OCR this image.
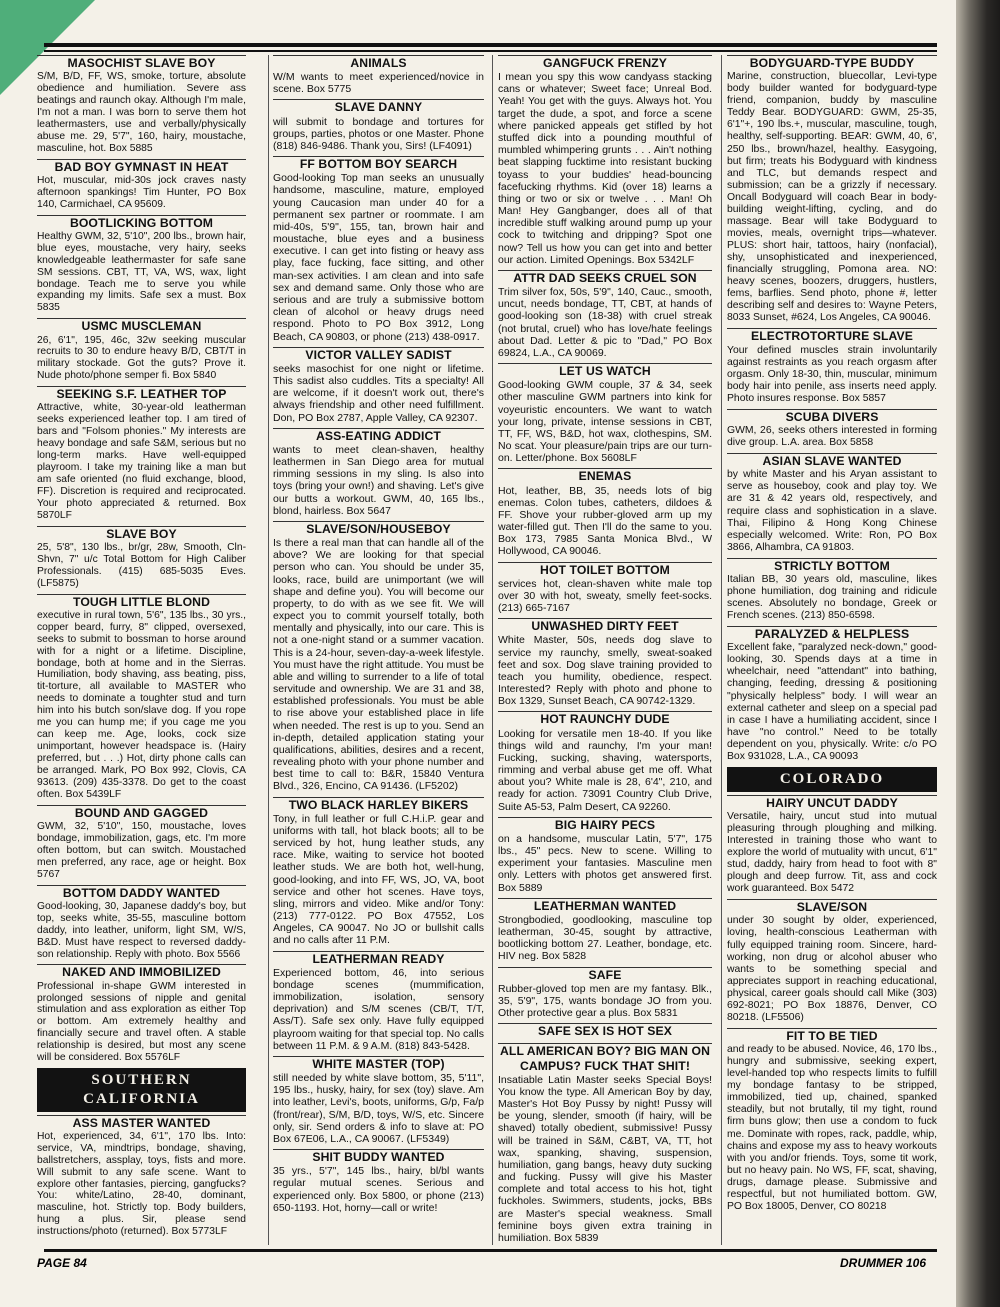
MASOCHIST SLAVE BOY

S/M, B/D, FF, WS, smoke, torture, absolute obedience and humiliation. Severe ass beatings and raunch okay. Although I'm male, I'm not a man. I was born to serve them hot leathermasters, use and verbally/physically abuse me. 29, 5'7", 160, hairy, moustache, masculine, hot. Box 5885

BAD BOY GYMNAST IN HEAT

Hot, muscular, mid-30s jock craves nasty afternoon spankings! Tim Hunter, PO Box 140, Carmichael, CA 95609.

BOOTLICKING BOTTOM

Healthy GWM, 32, 5'10", 200 lbs., brown hair, blue eyes, moustache, very hairy, seeks knowledgeable leathermaster for safe sane SM sessions. CBT, TT, VA, WS, wax, light bondage. Teach me to serve you while expanding my limits. Safe sex a must. Box 5835

USMC MUSCLEMAN

26, 6'1", 195, 46c, 32w seeking muscular recruits to 30 to endure heavy B/D, CBT/T in military stockade. Got the guts? Prove it. Nude photo/phone semper fi. Box 5840

SEEKING S.F. LEATHER TOP

Attractive, white, 30-year-old leatherman seeks experienced leather top. I am tired of bars and "Folsom phonies." My interests are heavy bondage and safe S&M, serious but no long-term marks. Have well-equipped playroom. I take my training like a man but am safe oriented (no fluid exchange, blood, FF). Discretion is required and reciprocated. Your photo appreciated & returned. Box 5870LF

SLAVE BOY

25, 5'8", 130 lbs., br/gr, 28w, Smooth, Cln-Shvn, 7" u/c Total Bottom for High Caliber Professionals. (415) 685-5035 Eves. (LF5875)

TOUGH LITTLE BLOND

executive in rural town, 5'6", 135 lbs., 30 yrs., copper beard, furry, 8" clipped, oversexed, seeks to submit to bossman to horse around with for a night or a lifetime. Discipline, bondage, both at home and in the Sierras. Humiliation, body shaving, ass beating, piss, tit-torture, all available to MASTER who needs to dominate a toughter stud and turn him into his butch son/slave dog. If you rope me you can hump me; if you cage me you can keep me. Age, looks, cock size unimportant, however headspace is. (Hairy preferred, but . . .) Hot, dirty phone calls can be arranged. Mark, PO Box 992, Clovis, CA 93613. (209) 435-3378. Do get to the coast often. Box 5439LF

BOUND AND GAGGED

GWM, 32, 5'10", 150, moustache, loves bondage, immobilization, gags, etc. I'm more often bottom, but can switch. Moustached men preferred, any race, age or height. Box 5767

BOTTOM DADDY WANTED

Good-looking, 30, Japanese daddy's boy, but top, seeks white, 35-55, masculine bottom daddy, into leather, uniform, light SM, W/S, B&D. Must have respect to reversed daddy-son relationship. Reply with photo. Box 5566

NAKED AND IMMOBILIZED

Professional in-shape GWM interested in prolonged sessions of nipple and genital stimulation and ass exploration as either Top or bottom. Am extremely healthy and financially secure and travel often. A stable relationship is desired, but most any scene will be considered. Box 5576LF

SOUTHERN CALIFORNIA
ASS MASTER WANTED

Hot, experienced, 34, 6'1", 170 lbs. Into: service, VA, mindtrips, bondage, shaving, ballstretchers, assplay, toys, fists and more. Will submit to any safe scene. Want to explore other fantasies, piercing, gangfucks? You: white/Latino, 28-40, dominant, masculine, hot. Strictly top. Body builders, hung a plus. Sir, please send instructions/photo (returned). Box 5773LF

ANIMALS

W/M wants to meet experienced/novice in scene. Box 5775

SLAVE DANNY

will submit to bondage and tortures for groups, parties, photos or one Master. Phone (818) 846-9486. Thank you, Sirs! (LF4091)

FF BOTTOM BOY SEARCH

Good-looking Top man seeks an unusually handsome, masculine, mature, employed young Caucasion man under 40 for a permanent sex partner or roommate. I am mid-40s, 5'9", 155, tan, brown hair and moustache, blue eyes and a business executive. I can get into fisting or heavy ass play, face fucking, face sitting, and other man-sex activities. I am clean and into safe sex and demand same. Only those who are serious and are truly a submissive bottom clean of alcohol or heavy drugs need respond. Photo to PO Box 3912, Long Beach, CA 90803, or phone (213) 438-0917.

VICTOR VALLEY SADIST

seeks masochist for one night or lifetime. This sadist also cuddles. Tits a specialty! All are welcome, if it doesn't work out, there's always friendship and other need fulfillment. Don, PO Box 2787, Apple Valley, CA 92307.

ASS-EATING ADDICT

wants to meet clean-shaven, healthy leathermen in San Diego area for mutual rimming sessions in my sling. Is also into toys (bring your own!) and shaving. Let's give our butts a workout. GWM, 40, 165 lbs., blond, hairless. Box 5647

SLAVE/SON/HOUSEBOY

Is there a real man that can handle all of the above? We are looking for that special person who can. You should be under 35, looks, race, build are unimportant (we will shape and define you). You will become our property, to do with as we see fit. We will expect you to commit yourself totally, both mentally and physically, into our care. This is not a one-night stand or a summer vacation. This is a 24-hour, seven-day-a-week lifestyle. You must have the right attitude. You must be able and willing to surrender to a life of total servitude and ownership. We are 31 and 38, established professionals. You must be able to rise above your established place in life when needed. The rest is up to you. Send an in-depth, detailed application stating your qualifications, abilities, desires and a recent, revealing photo with your phone number and best time to call to: B&R, 15840 Ventura Blvd., 326, Encino, CA 91436. (LF5202)

TWO BLACK HARLEY BIKERS

Tony, in full leather or full C.H.i.P. gear and uniforms with tall, hot black boots; all to be serviced by hot, hung leather studs, any race. Mike, waiting to service hot booted leather studs. We are both hot, well-hung, good-looking, and into FF, WS, JO, VA, boot service and other hot scenes. Have toys, sling, mirrors and video. Mike and/or Tony: (213) 777-0122. PO Box 47552, Los Angeles, CA 90047. No JO or bullshit calls and no calls after 11 P.M.

LEATHERMAN READY

Experienced bottom, 46, into serious bondage scenes (mummification, immobilization, isolation, sensory deprivation) and S/M scenes (CB/T, T/T, Ass/T). Safe sex only. Have fully equipped playroom waiting for that special top. No calls between 11 P.M. & 9 A.M. (818) 843-5428.

WHITE MASTER (TOP)

still needed by white slave bottom, 35, 5'11", 195 lbs., husky, hairy, for sex (toy) slave. Am into leather, Levi's, boots, uniforms, G/p, Fa/p (front/rear), S/M, B/D, toys, W/S, etc. Sincere only, sir. Send orders & info to slave at: PO Box 67E06, L.A., CA 90067. (LF5349)

SHIT BUDDY WANTED

35 yrs., 5'7", 145 lbs., hairy, bl/bl wants regular mutual scenes. Serious and experienced only. Box 5800, or phone (213) 650-1193. Hot, horny—call or write!

GANGFUCK FRENZY

I mean you spy this wow candyass stacking cans or whatever; Sweet face; Unreal Bod. Yeah! You get with the guys. Always hot. You target the dude, a spot, and force a scene where panicked appeals get stifled by hot stuffed dick into a pounding mouthful of mumbled whimpering grunts . . . Ain't nothing beat slapping fucktime into resistant bucking toyass to your buddies' head-bouncing facefucking rhythms. Kid (over 18) learns a thing or two or six or twelve . . . Man! Oh Man! Hey Gangbanger, does all of that incredible stuff walking around pump up your cock to twitching and dripping? Spot one now? Tell us how you can get into and better our action. Limited Openings. Box 5342LF

ATTR DAD SEEKS CRUEL SON

Trim silver fox, 50s, 5'9", 140, Cauc., smooth, uncut, needs bondage, TT, CBT, at hands of good-looking son (18-38) with cruel streak (not brutal, cruel) who has love/hate feelings about Dad. Letter & pic to "Dad," PO Box 69824, L.A., CA 90069.

LET US WATCH

Good-looking GWM couple, 37 & 34, seek other masculine GWM partners into kink for voyeuristic encounters. We want to watch your long, private, intense sessions in CBT, TT, FF, WS, B&D, hot wax, clothespins, SM. No scat. Your pleasure/pain trips are our turn-on. Letter/phone. Box 5608LF

ENEMAS

Hot, leather, BB, 35, needs lots of big enemas. Colon tubes, catheters, dildoes & FF. Shove your rubber-gloved arm up my water-filled gut. Then I'll do the same to you. Box 173, 7985 Santa Monica Blvd., W Hollywood, CA 90046.

HOT TOILET BOTTOM

services hot, clean-shaven white male top over 30 with hot, sweaty, smelly feet-socks. (213) 665-7167

UNWASHED DIRTY FEET

White Master, 50s, needs dog slave to service my raunchy, smelly, sweat-soaked feet and sox. Dog slave training provided to teach you humility, obedience, respect. Interested? Reply with photo and phone to Box 1329, Sunset Beach, CA 90742-1329.

HOT RAUNCHY DUDE

Looking for versatile men 18-40. If you like things wild and raunchy, I'm your man! Fucking, sucking, shaving, watersports, rimming and verbal abuse get me off. What about you? White male is 28, 6'4", 210, and ready for action. 73091 Country Club Drive, Suite A5-53, Palm Desert, CA 92260.

BIG HAIRY PECS

on a handsome, muscular Latin, 5'7", 175 lbs., 45" pecs. New to scene. Willing to experiment your fantasies. Masculine men only. Letters with photos get answered first. Box 5889

LEATHERMAN WANTED

Strongbodied, goodlooking, masculine top leatherman, 30-45, sought by attractive, bootlicking bottom 27. Leather, bondage, etc. HIV neg. Box 5828

SAFE

Rubber-gloved top men are my fantasy. Blk., 35, 5'9", 175, wants bondage JO from you. Other protective gear a plus. Box 5831

SAFE SEX IS HOT SEX
ALL AMERICAN BOY? BIG MAN ON CAMPUS? FUCK THAT SHIT!

Insatiable Latin Master seeks Special Boys! You know the type. All American Boy by day, Master's Hot Boy Pussy by night! Pussy will be young, slender, smooth (if hairy, will be shaved) totally obedient, submissive! Pussy will be trained in S&M, C&BT, VA, TT, hot wax, spanking, shaving, suspension, humiliation, gang bangs, heavy duty sucking and fucking. Pussy will give his Master complete and total access to his hot, tight fuckholes. Swimmers, students, jocks, BBs are Master's special weakness. Small feminine boys given extra training in humiliation. Box 5839

BODYGUARD-TYPE BUDDY

Marine, construction, bluecollar, Levi-type body builder wanted for bodyguard-type friend, companion, buddy by masculine Teddy Bear. BODYGUARD: GWM, 25-35, 6'1"+, 190 lbs.+, muscular, masculine, tough, healthy, self-supporting. BEAR: GWM, 40, 6', 250 lbs., brown/hazel, healthy. Easygoing, but firm; treats his Bodyguard with kindness and TLC, but demands respect and submission; can be a grizzly if necessary. Oncall Bodyguard will coach Bear in body-building weight-lifting, cycling, and do massage. Bear will take Bodyguard to movies, meals, overnight trips—whatever. PLUS: short hair, tattoos, hairy (nonfacial), shy, unsophisticated and inexperienced, financially struggling, Pomona area. NO: heavy scenes, boozers, druggers, hustlers, fems, barflies. Send photo, phone #, letter describing self and desires to: Wayne Peters, 8033 Sunset, #624, Los Angeles, CA 90046.

ELECTROTORTURE SLAVE

Your defined muscles strain involuntarily against restraints as you reach orgasm after orgasm. Only 18-30, thin, muscular, minimum body hair into penile, ass inserts need apply. Photo insures response. Box 5857

SCUBA DIVERS

GWM, 26, seeks others interested in forming dive group. L.A. area. Box 5858

ASIAN SLAVE WANTED

by white Master and his Aryan assistant to serve as houseboy, cook and play toy. We are 31 & 42 years old, respectively, and require class and sophistication in a slave. Thai, Filipino & Hong Kong Chinese especially welcomed. Write: Ron, PO Box 3866, Alhambra, CA 91803.

STRICTLY BOTTOM

Italian BB, 30 years old, masculine, likes phone humiliation, dog training and ridicule scenes. Absolutely no bondage, Greek or French scenes. (213) 850-6598.

PARALYZED & HELPLESS

Excellent fake, "paralyzed neck-down," good-looking, 30. Spends days at a time in wheelchair, need "attendant" into bathing, changing, feeding, dressing & positioning "physically helpless" body. I will wear an external catheter and sleep on a special pad in case I have a humiliating accident, since I have "no control." Need to be totally dependent on you, physically. Write: c/o PO Box 931028, L.A., CA 90093

COLORADO
HAIRY UNCUT DADDY

Versatile, hairy, uncut stud into mutual pleasuring through ploughing and milking. Interested in training those who want to explore the world of mutuality with uncut, 6'1" stud, daddy, hairy from head to foot with 8" plough and deep furrow. Tit, ass and cock work guaranteed. Box 5472

SLAVE/SON

under 30 sought by older, experienced, loving, health-conscious Leatherman with fully equipped training room. Sincere, hard-working, non drug or alcohol abuser who wants to be something special and appreciates support in reaching educational, physical, career goals should call Mike (303) 692-8021; PO Box 18876, Denver, CO 80218. (LF5506)

FIT TO BE TIED

and ready to be abused. Novice, 46, 170 lbs., hungry and submissive, seeking expert, level-handed top who respects limits to fulfill my bondage fantasy to be stripped, immobilized, tied up, chained, spanked steadily, but not brutally, til my tight, round firm buns glow; then use a condom to fuck me. Dominate with ropes, rack, paddle, whip, chains and expose my ass to heavy workouts with you and/or friends. Toys, some tit work, but no heavy pain. No WS, FF, scat, shaving, drugs, damage please. Submissive and respectful, but not humiliated bottom. GW, PO Box 18005, Denver, CO 80218

PAGE 84	DRUMMER 106
